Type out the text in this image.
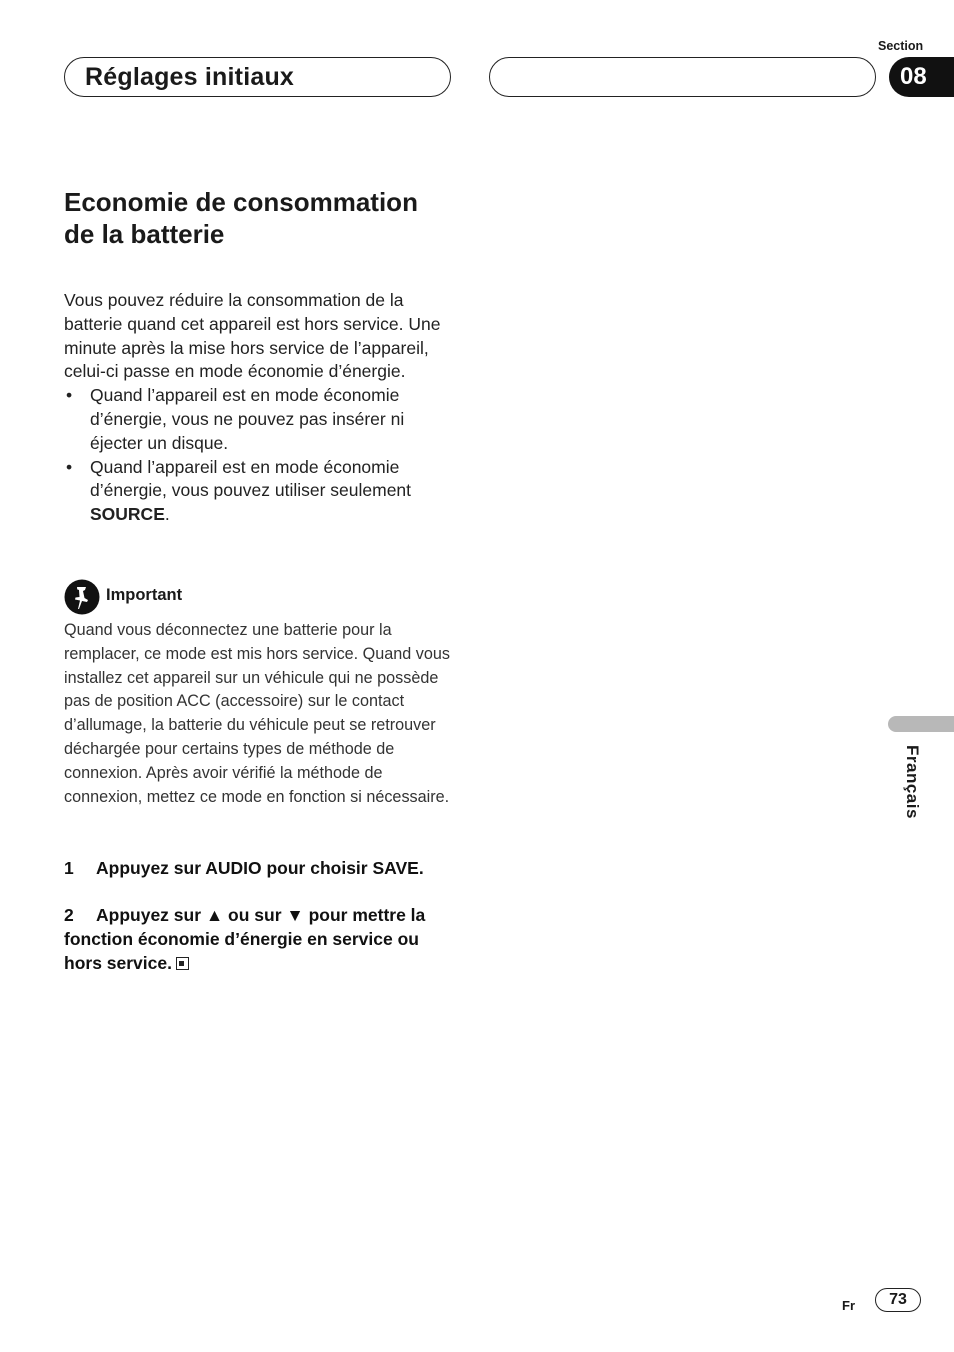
Réglages initiaux
Section
08
Economie de consommation de la batterie

Vous pouvez réduire la consommation de la batterie quand cet appareil est hors service. Une minute après la mise hors service de l’appareil, celui-ci passe en mode économie d’énergie.

• Quand l’appareil est en mode économie d’énergie, vous ne pouvez pas insérer ni éjecter un disque.
• Quand l’appareil est en mode économie d’énergie, vous pouvez utiliser seulement SOURCE.
Important

Quand vous déconnectez une batterie pour la remplacer, ce mode est mis hors service. Quand vous installez cet appareil sur un véhicule qui ne possède pas de position ACC (accessoire) sur le contact d’allumage, la batterie du véhicule peut se retrouver déchargée pour certains types de méthode de connexion. Après avoir vérifié la méthode de connexion, mettez ce mode en fonction si nécessaire.

1 Appuyez sur AUDIO pour choisir SAVE.

2 Appuyez sur ▲ ou sur ▼ pour mettre la fonction économie d’énergie en service ou hors service.

Français
Fr	73
